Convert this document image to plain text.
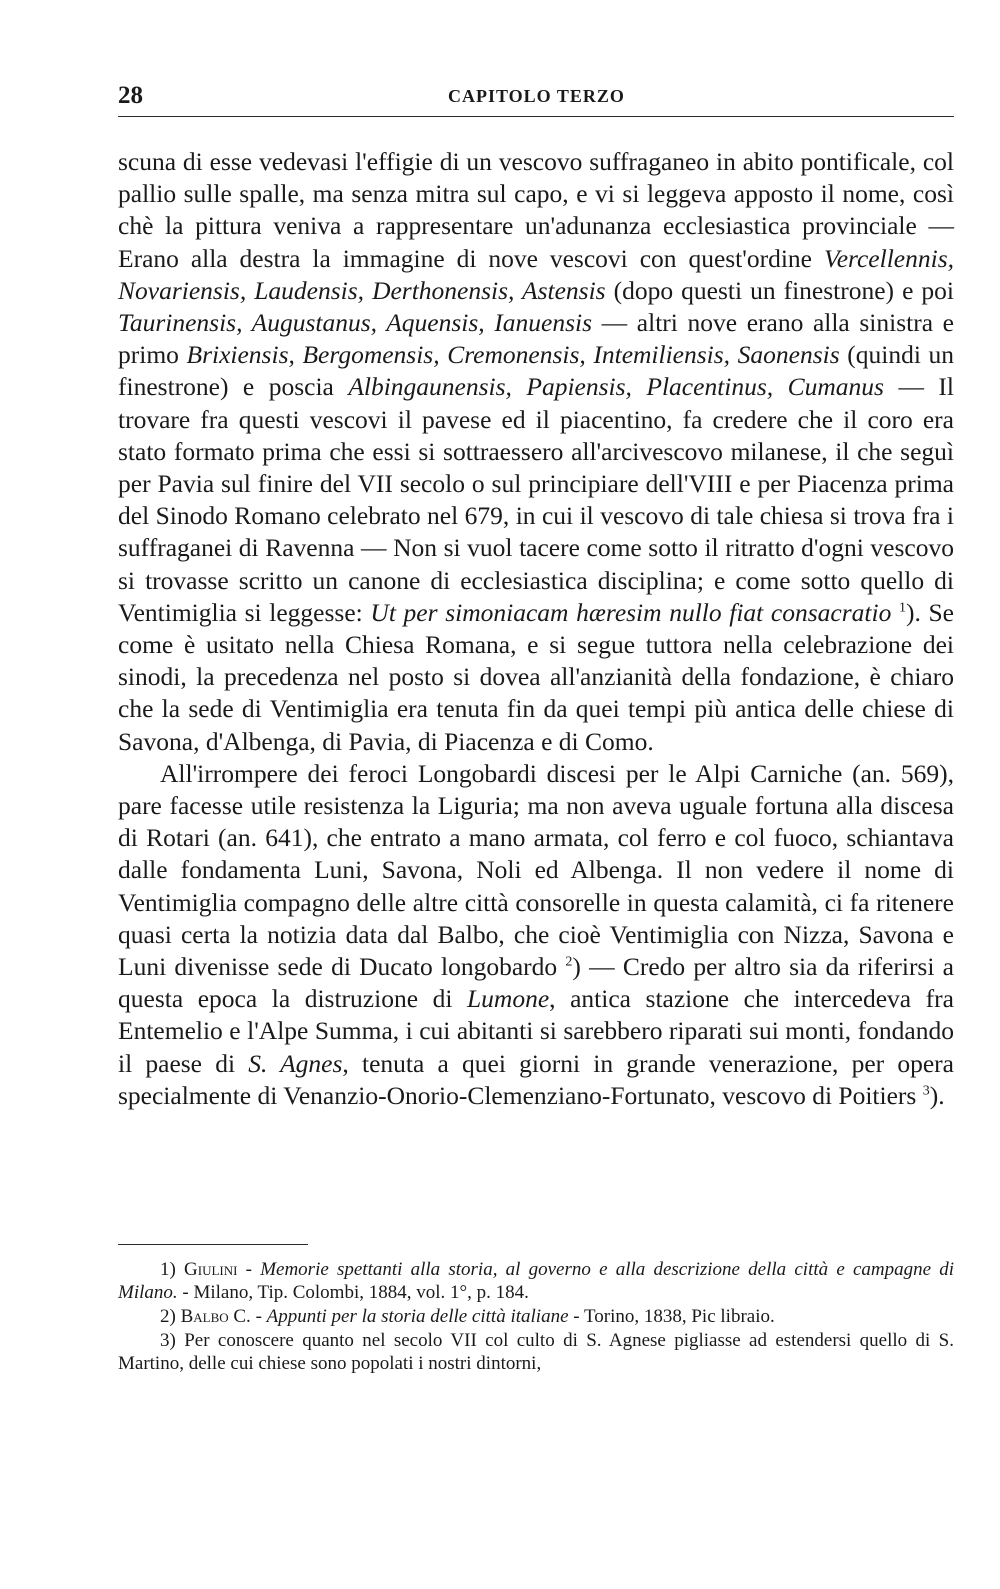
28	CAPITOLO TERZO

scuna di esse vedevasi l'effigie di un vescovo suffraganeo in abito pontificale, col pallio sulle spalle, ma senza mitra sul capo, e vi si leggeva apposto il nome, così chè la pittura veniva a rappresentare un'adunanza ecclesiastica provinciale — Erano alla destra la immagine di nove vescovi con quest'ordine Vercellennis, Novariensis, Laudensis, Derthonensis, Astensis (dopo questi un finestrone) e poi Taurinensis, Augustanus, Aquensis, Ianuensis — altri nove erano alla sinistra e primo Brixiensis, Bergomensis, Cremonensis, Intemiliensis, Saonensis (quindi un finestrone) e poscia Albingaunensis, Papiensis, Placentinus, Cumanus — Il trovare fra questi vescovi il pavese ed il piacentino, fa credere che il coro era stato formato prima che essi si sottraessero all'arcivescovo milanese, il che seguì per Pavia sul finire del VII secolo o sul principiare dell'VIII e per Piacenza prima del Sinodo Romano celebrato nel 679, in cui il vescovo di tale chiesa si trova fra i suffraganei di Ravenna — Non si vuol tacere come sotto il ritratto d'ogni vescovo si trovasse scritto un canone di ecclesiastica disciplina; e come sotto quello di Ventimiglia si leggesse: Ut per simoniacam hæresim nullo fiat consacratio $^1$). Se come è usitato nella Chiesa Romana, e si segue tuttora nella celebrazione dei sinodi, la precedenza nel posto si dovea all'anzianità della fondazione, è chiaro che la sede di Ventimiglia era tenuta fin da quei tempi più antica delle chiese di Savona, d'Albenga, di Pavia, di Piacenza e di Como.

All'irrompere dei feroci Longobardi discesi per le Alpi Carniche (an. 569), pare facesse utile resistenza la Liguria; ma non aveva uguale fortuna alla discesa di Rotari (an. 641), che entrato a mano armata, col ferro e col fuoco, schiantava dalle fondamenta Luni, Savona, Noli ed Albenga. Il non vedere il nome di Ventimiglia compagno delle altre città consorelle in questa calamità, ci fa ritenere quasi certa la notizia data dal Balbo, che cioè Ventimiglia con Nizza, Savona e Luni divenisse sede di Ducato longobardo $^2$) — Credo per altro sia da riferirsi a questa epoca la distruzione di Lumone, antica stazione che intercedeva fra Entemelio e l'Alpe Summa, i cui abitanti si sarebbero riparati sui monti, fondando il paese di S. Agnes, tenuta a quei giorni in grande venerazione, per opera specialmente di Venanzio-Onorio-Clemenziano-Fortunato, vescovo di Poitiers $^3$).

1) Giulini - Memorie spettanti alla storia, al governo e alla descrizione della città e campagne di Milano. - Milano, Tip. Colombi, 1884, vol. 1°, p. 184.

2) Balbo C. - Appunti per la storia delle città italiane - Torino, 1838, Pic libraio.

3) Per conoscere quanto nel secolo VII col culto di S. Agnese pigliasse ad estendersi quello di S. Martino, delle cui chiese sono popolati i nostri dintorni,
